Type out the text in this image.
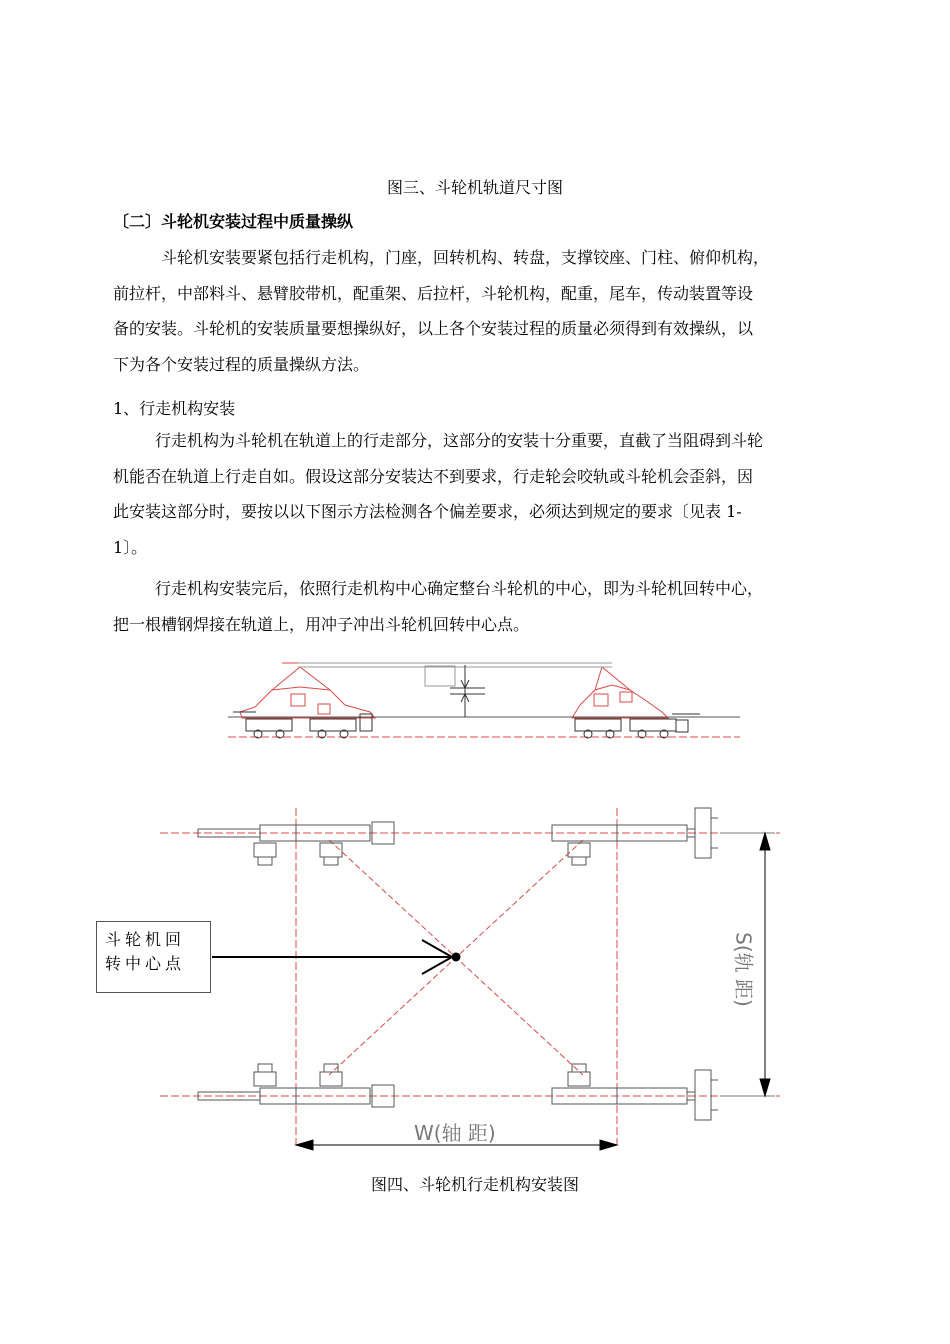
图三、斗轮机轨道尺寸图
〔二〕斗轮机安装过程中质量操纵
斗轮机安装要紧包括行走机构，门座，回转机构、转盘，支撑铰座、门柱、俯仰机构，
前拉杆，中部料斗、悬臂胶带机，配重架、后拉杆，斗轮机构，配重，尾车，传动装置等设
备的安装。斗轮机的安装质量要想操纵好，以上各个安装过程的质量必须得到有效操纵，以
下为各个安装过程的质量操纵方法。
1、行走机构安装
行走机构为斗轮机在轨道上的行走部分，这部分的安装十分重要，直截了当阻碍到斗轮
机能否在轨道上行走自如。假设这部分安装达不到要求，行走轮会咬轨或斗轮机会歪斜，因
此安装这部分时，要按以以下图示方法检测各个偏差要求，必须达到规定的要求〔见表 1-
1〕。
行走机构安装完后，依照行走机构中心确定整台斗轮机的中心，即为斗轮机回转中心，
把一根槽钢焊接在轨道上，用冲子冲出斗轮机回转中心点。
斗轮机回
转中心点
W(轴 距)
S(轨 距)
图四、斗轮机行走机构安装图
